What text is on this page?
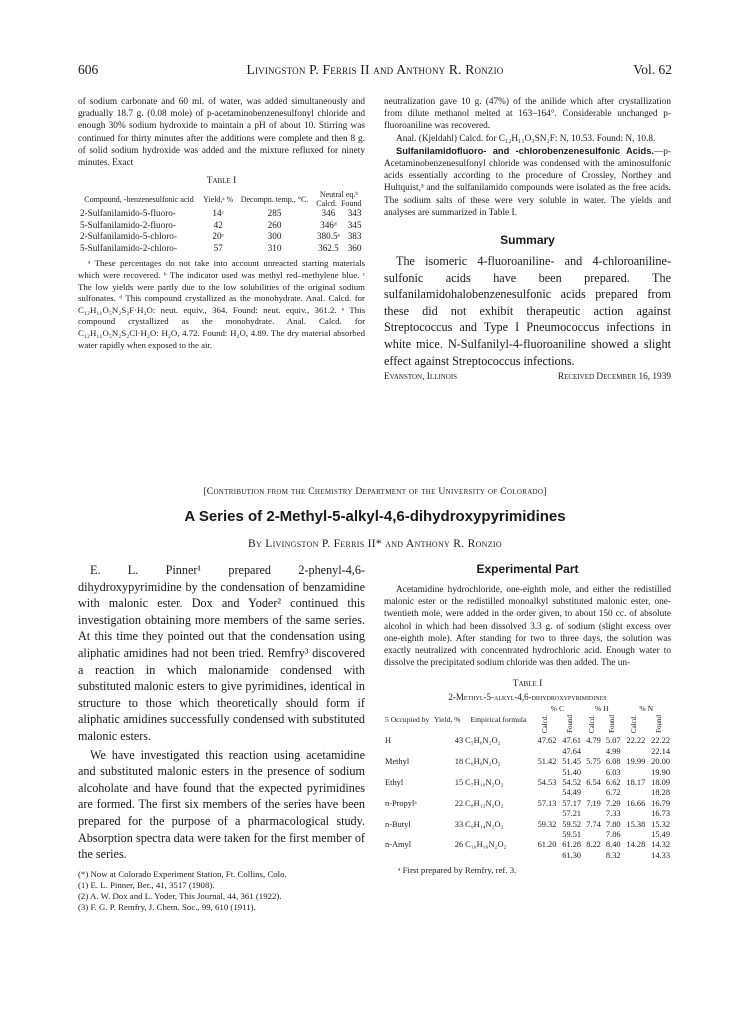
606	Livingston P. Ferris II and Anthony R. Ronzio	Vol. 62

of sodium carbonate and 60 ml. of water, was added simultaneously and gradually 18.7 g. (0.08 mole) of p-acetaminobenzenesulfonyl chloride and enough 30% sodium hydroxide to maintain a pH of about 10. Stirring was continued for thirty minutes after the additions were complete and then 8 g. of solid sodium hydroxide was added and the mixture refluxed for ninety minutes. Exact

Table I
Compound, -benzenesulfonic acid	Yield,ᵃ %	Decompn. temp., °C.	Neutral eq.ᵇ
Calcd. Found	
2-Sulfanilamido-5-fluoro-	14ᶜ	285	346	343
5-Sulfanilamido-2-fluoro-	42	260	346ᵈ	345
2-Sulfanilamido-5-chloro-	20ᶜ	300	380.5ᵉ	383
5-Sulfanilamido-2-chloro-	57	310	362.5	360
ᵃ These percentages do not take into account unreacted starting materials which were recovered. ᵇ The indicator used was methyl red–methylene blue. ᶜ The low yields were partly due to the low solubilities of the original sodium sulfonates. ᵈ This compound crystallized as the monohydrate. Anal. Calcd. for C₁₂H₁₁O₅N₂S₂F·H₂O: neut. equiv., 364. Found: neut. equiv., 361.2. ᵉ This compound crystallized as the monohydrate. Anal. Calcd. for C₁₂H₁₁O₅N₂S₂Cl·H₂O: H₂O, 4.72. Found: H₂O, 4.89. The dry material absorbed water rapidly when exposed to the air.

neutralization gave 10 g. (47%) of the anilide which after crystallization from dilute methanol melted at 163–164°. Considerable unchanged p-fluoroaniline was recovered.

Anal. (Kjeldahl) Calcd. for C₁₂H₁₁O₃SN₂F: N, 10.53. Found: N, 10.8.

Sulfanilamidofluoro- and -chlorobenzenesulfonic Acids.—p-Acetaminobenzenesulfonyl chloride was condensed with the aminosulfonic acids essentially according to the procedure of Crossley, Northey and Hultquist,³ and the sulfanilamido compounds were isolated as the free acids. The sodium salts of these were very soluble in water. The yields and analyses are summarized in Table I.

Summary

The isomeric 4-fluoroaniline- and 4-chloroaniline-sulfonic acids have been prepared. The sulfanilamidohalobenzenesulfonic acids prepared from these did not exhibit therapeutic action against Streptococcus and Type I Pneumococcus infections in white mice. N-Sulfanilyl-4-fluoroaniline showed a slight effect against Streptococcus infections.

Evanston, Illinois	Received December 16, 1939
[Contribution from the Chemistry Department of the University of Colorado]
A Series of 2-Methyl-5-alkyl-4,6-dihydroxypyrimidines
By Livingston P. Ferris II* and Anthony R. Ronzio

E. L. Pinner¹ prepared 2-phenyl-4,6-dihydroxypyrimidine by the condensation of benzamidine with malonic ester. Dox and Yoder² continued this investigation obtaining more members of the same series. At this time they pointed out that the condensation using aliphatic amidines had not been tried. Remfry³ discovered a reaction in which malonamide condensed with substituted malonic esters to give pyrimidines, identical in structure to those which theoretically should form if aliphatic amidines successfully condensed with substituted malonic esters.

We have investigated this reaction using acetamidine and substituted malonic esters in the presence of sodium alcoholate and have found that the expected pyrimidines are formed. The first six members of the series have been prepared for the purpose of a pharmacological study. Absorption spectra data were taken for the first member of the series.

(*) Now at Colorado Experiment Station, Ft. Collins, Colo.
(1) E. L. Pinner, Ber., 41, 3517 (1908).
(2) A. W. Dox and L. Yoder, This Journal, 44, 361 (1922).
(3) F. G. P. Remfry, J. Chem. Soc., 99, 610 (1911).
Experimental Part

Acetamidine hydrochloride, one-eighth mole, and either the redistilled malonic ester or the redistilled monoalkyl substituted malonic ester, one-twentieth mole, were added in the order given, to about 150 cc. of absolute alcohol in which had been dissolved 3.3 g. of sodium (slight excess over one-eighth mole). After standing for two to three days, the solution was exactly neutralized with concentrated hydrochloric acid. Enough water to dissolve the precipitated sodium chloride was then added. The un-

Table I
2-Methyl-5-alkyl-4,6-dihydroxypyrimidines
5 Occupied by	Yield, %	Empirical formula	% C		% H		% N	
			Calcd.	Found	Calcd.	Found	Calcd.	Found
H	43	C₅H₆N₂O₂	47.62	47.61	4.79	5.07	22.22	22.22
				47.64		4.99		22.14
Methyl	18	C₆H₈N₂O₂	51.42	51.45	5.75	6.08	19.99	20.00
				51.40		6.03		19.90
Ethyl	15	C₇H₁₀N₂O₂	54.53	54.52	6.54	6.62	18.17	18.09
				54.49		6.72		18.28
n-Propylᵃ	22	C₈H₁₂N₂O₂	57.13	57.17	7.19	7.29	16.66	16.79
				57.21		7.33		16.73
n-Butyl	33	C₉H₁₄N₂O₂	59.32	59.52	7.74	7.80	15.38	15.32
				59.51		7.86		15.49
n-Amyl	26	C₁₀H₁₆N₂O₂	61.20	61.28	8.22	8.40	14.28	14.32
				61.30		8.32		14.33
ᵃ First prepared by Remfry, ref. 3.
